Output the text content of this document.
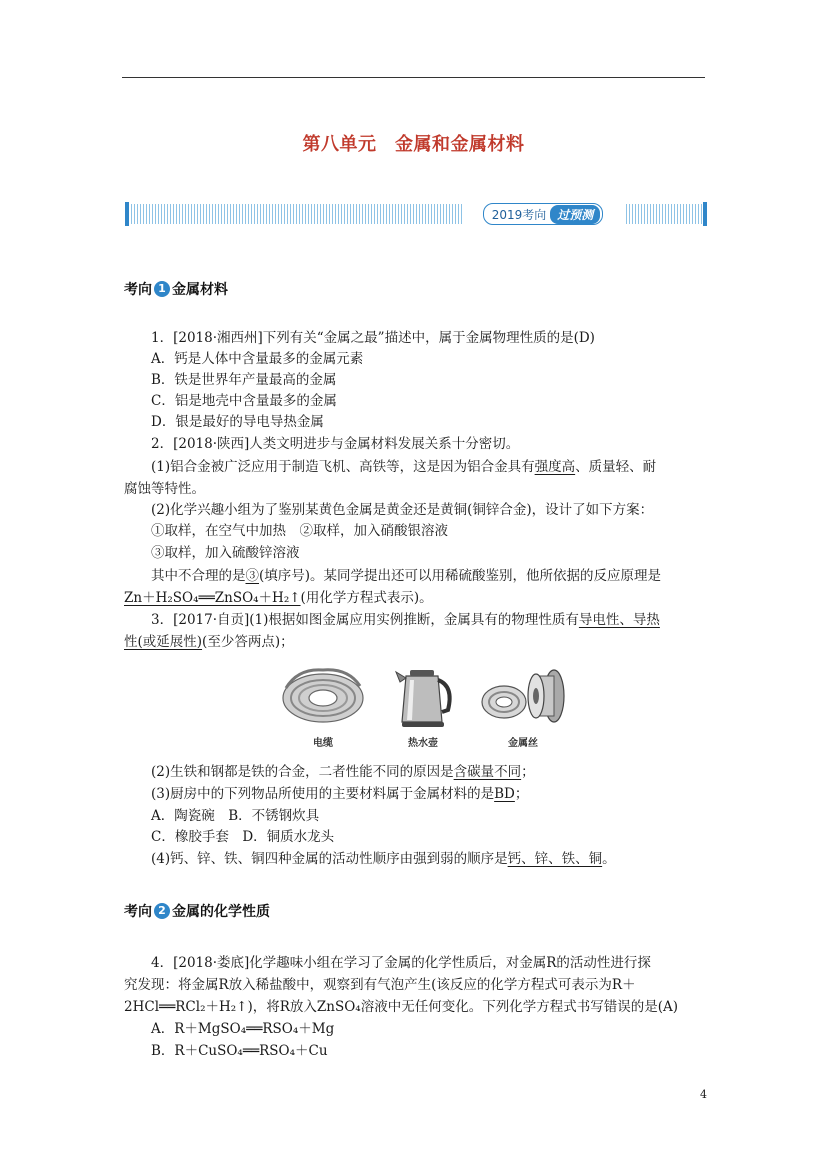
第八单元　金属和金属材料
2019考向 过预测
考向 1 金属材料
1．[2018·湘西州]下列有关“金属之最”描述中，属于金属物理性质的是(D)
A．钙是人体中含量最多的金属元素
B．铁是世界年产量最高的金属
C．铝是地壳中含量最多的金属
D．银是最好的导电导热金属
2．[2018·陕西]人类文明进步与金属材料发展关系十分密切。
(1)铝合金被广泛应用于制造飞机、高铁等，这是因为铝合金具有强度高、质量轻、耐
腐蚀等特性。
(2)化学兴趣小组为了鉴别某黄色金属是黄金还是黄铜(铜锌合金)，设计了如下方案：
①取样，在空气中加热　②取样，加入硝酸银溶液
③取样，加入硫酸锌溶液
其中不合理的是③(填序号)。某同学提出还可以用稀硫酸鉴别，他所依据的反应原理是
Zn＋H₂SO₄══ZnSO₄＋H₂↑(用化学方程式表示)。
3．[2017·自贡](1)根据如图金属应用实例推断，金属具有的物理性质有导电性、导热
性(或延展性)(至少答两点)；
电缆	热水壶	金属丝
(2)生铁和钢都是铁的合金，二者性能不同的原因是含碳量不同；
(3)厨房中的下列物品所使用的主要材料属于金属材料的是BD；
A．陶瓷碗　B．不锈钢炊具
C．橡胶手套　D．铜质水龙头
(4)钙、锌、铁、铜四种金属的活动性顺序由强到弱的顺序是钙、锌、铁、铜。
考向 2 金属的化学性质
4．[2018·娄底]化学趣味小组在学习了金属的化学性质后，对金属R的活动性进行探
究发现：将金属R放入稀盐酸中，观察到有气泡产生(该反应的化学方程式可表示为R＋
2HCl══RCl₂＋H₂↑)，将R放入ZnSO₄溶液中无任何变化。下列化学方程式书写错误的是(A)
A．R＋MgSO₄══RSO₄＋Mg
B．R＋CuSO₄══RSO₄＋Cu
4
